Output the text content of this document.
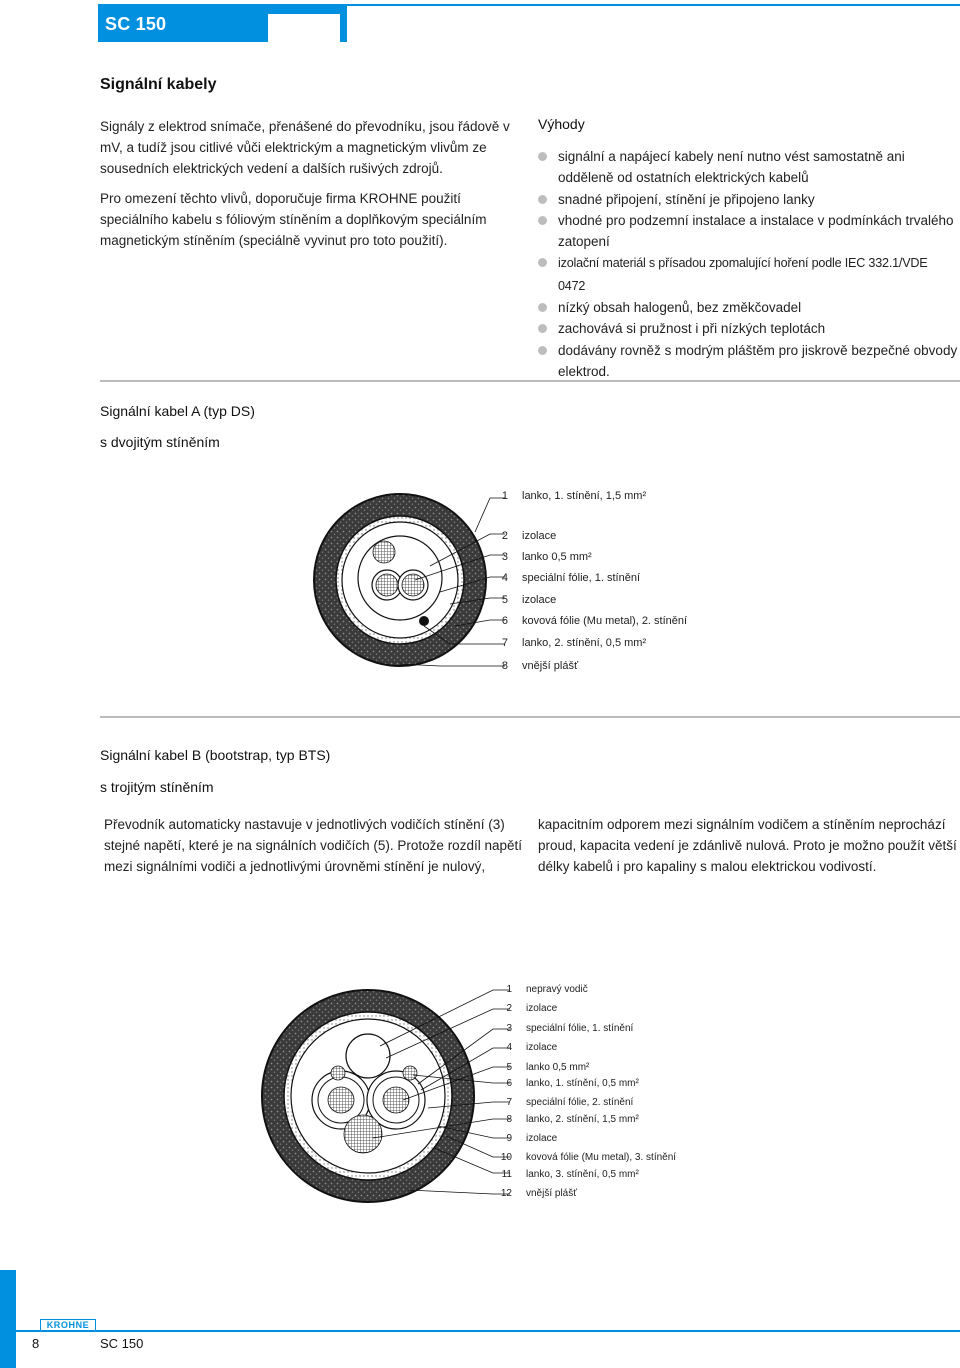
SC 150
Signální kabely
Signály z elektrod snímače, přenášené do převodníku, jsou řádově v mV, a tudíž jsou citlivé vůči elektrickým a magnetickým vlivům ze sousedních elektrických vedení a dalších rušivých zdrojů.
Pro omezení těchto vlivů, doporučuje firma KROHNE použití speciálního kabelu s fóliovým stíněním a doplňkovým speciálním magnetickým stíněním (speciálně vyvinut pro toto použití).
Výhody
signální a napájecí kabely není nutno vést samostatně ani odděleně od ostatních elektrických kabelů
snadné připojení, stínění je připojeno lanky
vhodné pro podzemní instalace a instalace v podmínkách trvalého zatopení
izolační materiál s přísadou zpomalující hoření podle IEC 332.1/VDE 0472
nízký obsah halogenů, bez změkčovadel
zachovává si pružnost i při nízkých teplotách
dodávány rovněž s modrým pláštěm pro jiskrově bezpečné obvody elektrod.
Signální kabel A (typ DS)
s dvojitým stíněním
1 lanko, 1. stínění, 1,5 mm²
2 izolace
3 lanko 0,5 mm²
4 speciální fólie, 1. stínění
5 izolace
6 kovová fólie (Mu metal), 2. stínění
7 lanko, 2. stínění, 0,5 mm²
8 vnější plášť
Signální kabel B (bootstrap, typ BTS)
s trojitým stíněním
Převodník automaticky nastavuje v jednotlivých vodičích stínění (3) stejné napětí, které je na signálních vodičích (5). Protože rozdíl napětí mezi signálními vodiči a jednotlivými úrovněmi stínění je nulový,
kapacitním odporem mezi signálním vodičem a stíněním neprochází proud, kapacita vedení je zdánlivě nulová. Proto je možno použít větší délky kabelů i pro kapaliny s malou elektrickou vodivostí.
1 nepravý vodič
2 izolace
3 speciální fólie, 1. stínění
4 izolace
5 lanko 0,5 mm²
6 lanko, 1. stínění, 0,5 mm²
7 speciální fólie, 2. stínění
8 lanko, 2. stínění, 1,5 mm²
9 izolace
10 kovová fólie (Mu metal), 3. stínění
11 lanko, 3. stínění, 0,5 mm²
12 vnější plášť
KROHNE
8	SC 150
